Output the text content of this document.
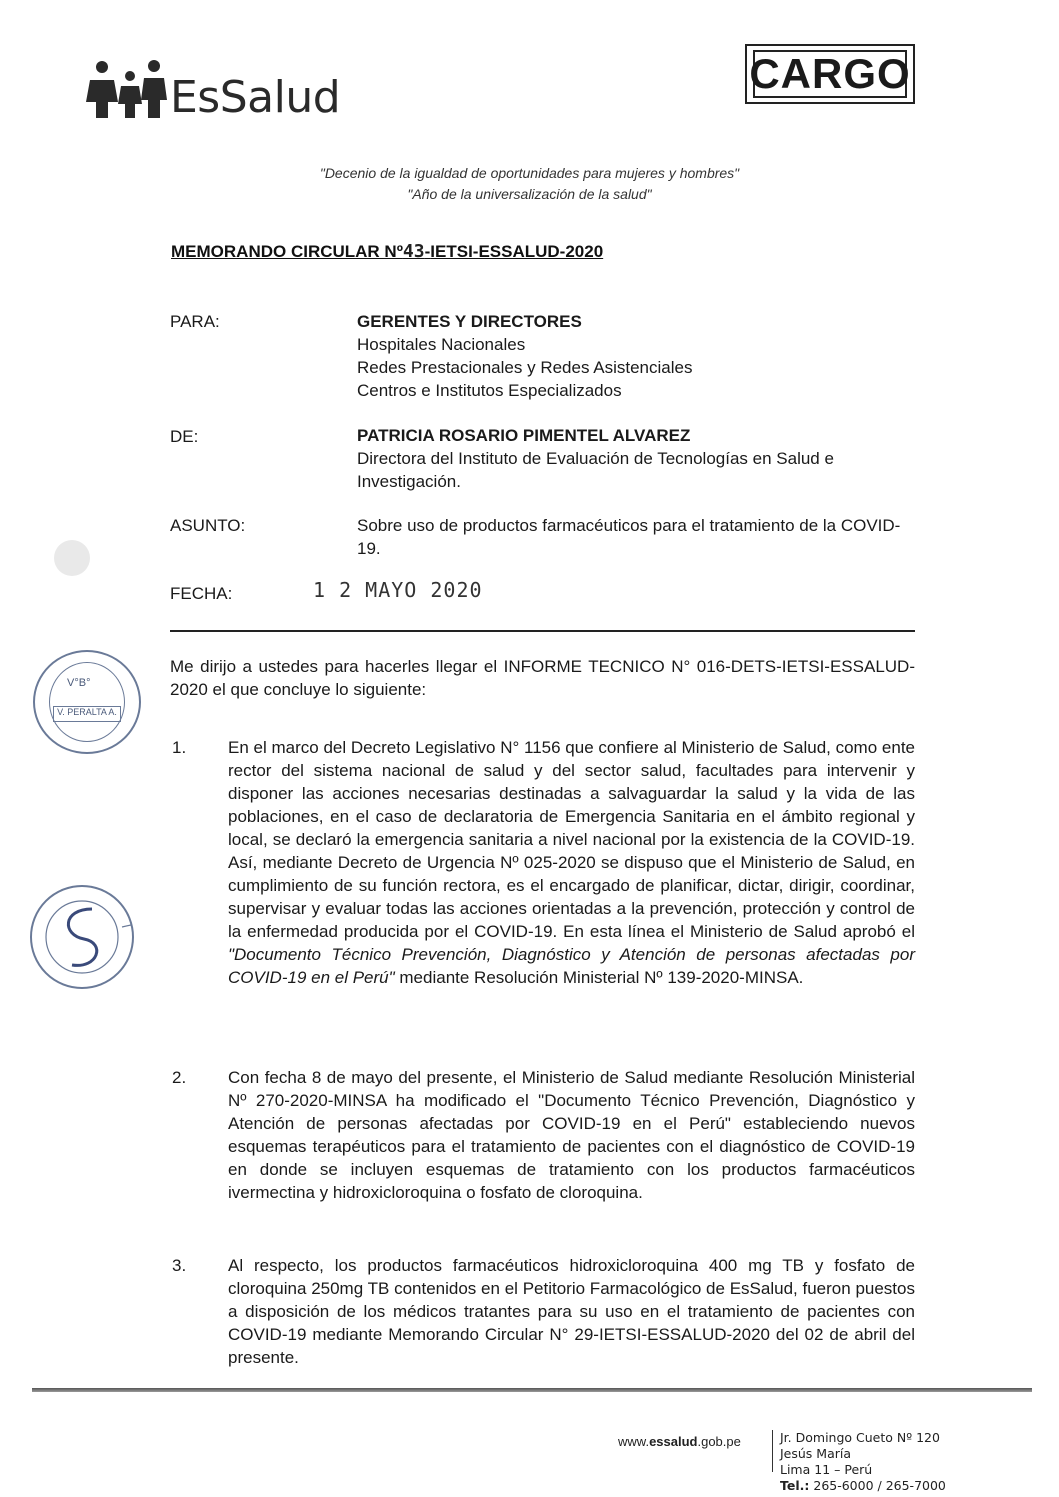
EsSalud	CARGO
"Decenio de la igualdad de oportunidades para mujeres y hombres"
"Año de la universalización de la salud"
MEMORANDO CIRCULAR Nº43-IETSI-ESSALUD-2020
PARA:	GERENTES Y DIRECTORES
Hospitales Nacionales
Redes Prestacionales y Redes Asistenciales
Centros e Institutos Especializados
DE:	PATRICIA ROSARIO PIMENTEL ALVAREZ
Directora del Instituto de Evaluación de Tecnologías en Salud e Investigación.
ASUNTO:	Sobre uso de productos farmacéuticos para el tratamiento de la COVID-19.
FECHA:	1 2 MAYO 2020
V°B°
V. PERALTA A.
Me dirijo a ustedes para hacerles llegar el INFORME TECNICO N° 016-DETS-IETSI-ESSALUD-2020 el que concluye lo siguiente:
1. En el marco del Decreto Legislativo N° 1156 que confiere al Ministerio de Salud, como ente rector del sistema nacional de salud y del sector salud, facultades para intervenir y disponer las acciones necesarias destinadas a salvaguardar la salud y la vida de las poblaciones, en el caso de declaratoria de Emergencia Sanitaria en el ámbito regional y local, se declaró la emergencia sanitaria a nivel nacional por la existencia de la COVID-19. Así, mediante Decreto de Urgencia Nº 025-2020 se dispuso que el Ministerio de Salud, en cumplimiento de su función rectora, es el encargado de planificar, dictar, dirigir, coordinar, supervisar y evaluar todas las acciones orientadas a la prevención, protección y control de la enfermedad producida por el COVID-19. En esta línea el Ministerio de Salud aprobó el "Documento Técnico Prevención, Diagnóstico y Atención de personas afectadas por COVID-19 en el Perú" mediante Resolución Ministerial Nº 139-2020-MINSA.
2. Con fecha 8 de mayo del presente, el Ministerio de Salud mediante Resolución Ministerial Nº 270-2020-MINSA ha modificado el "Documento Técnico Prevención, Diagnóstico y Atención de personas afectadas por COVID-19 en el Perú" estableciendo nuevos esquemas terapéuticos para el tratamiento de pacientes con el diagnóstico de COVID-19 en donde se incluyen esquemas de tratamiento con los productos farmacéuticos ivermectina y hidroxicloroquina o fosfato de cloroquina.
3. Al respecto, los productos farmacéuticos hidroxicloroquina 400 mg TB y fosfato de cloroquina 250mg TB contenidos en el Petitorio Farmacológico de EsSalud, fueron puestos a disposición de los médicos tratantes para su uso en el tratamiento de pacientes con COVID-19 mediante Memorando Circular N° 29-IETSI-ESSALUD-2020 del 02 de abril del presente.
www.essalud.gob.pe	Jr. Domingo Cueto Nº 120
Jesús María
Lima 11 – Perú
Tel.: 265-6000 / 265-7000
